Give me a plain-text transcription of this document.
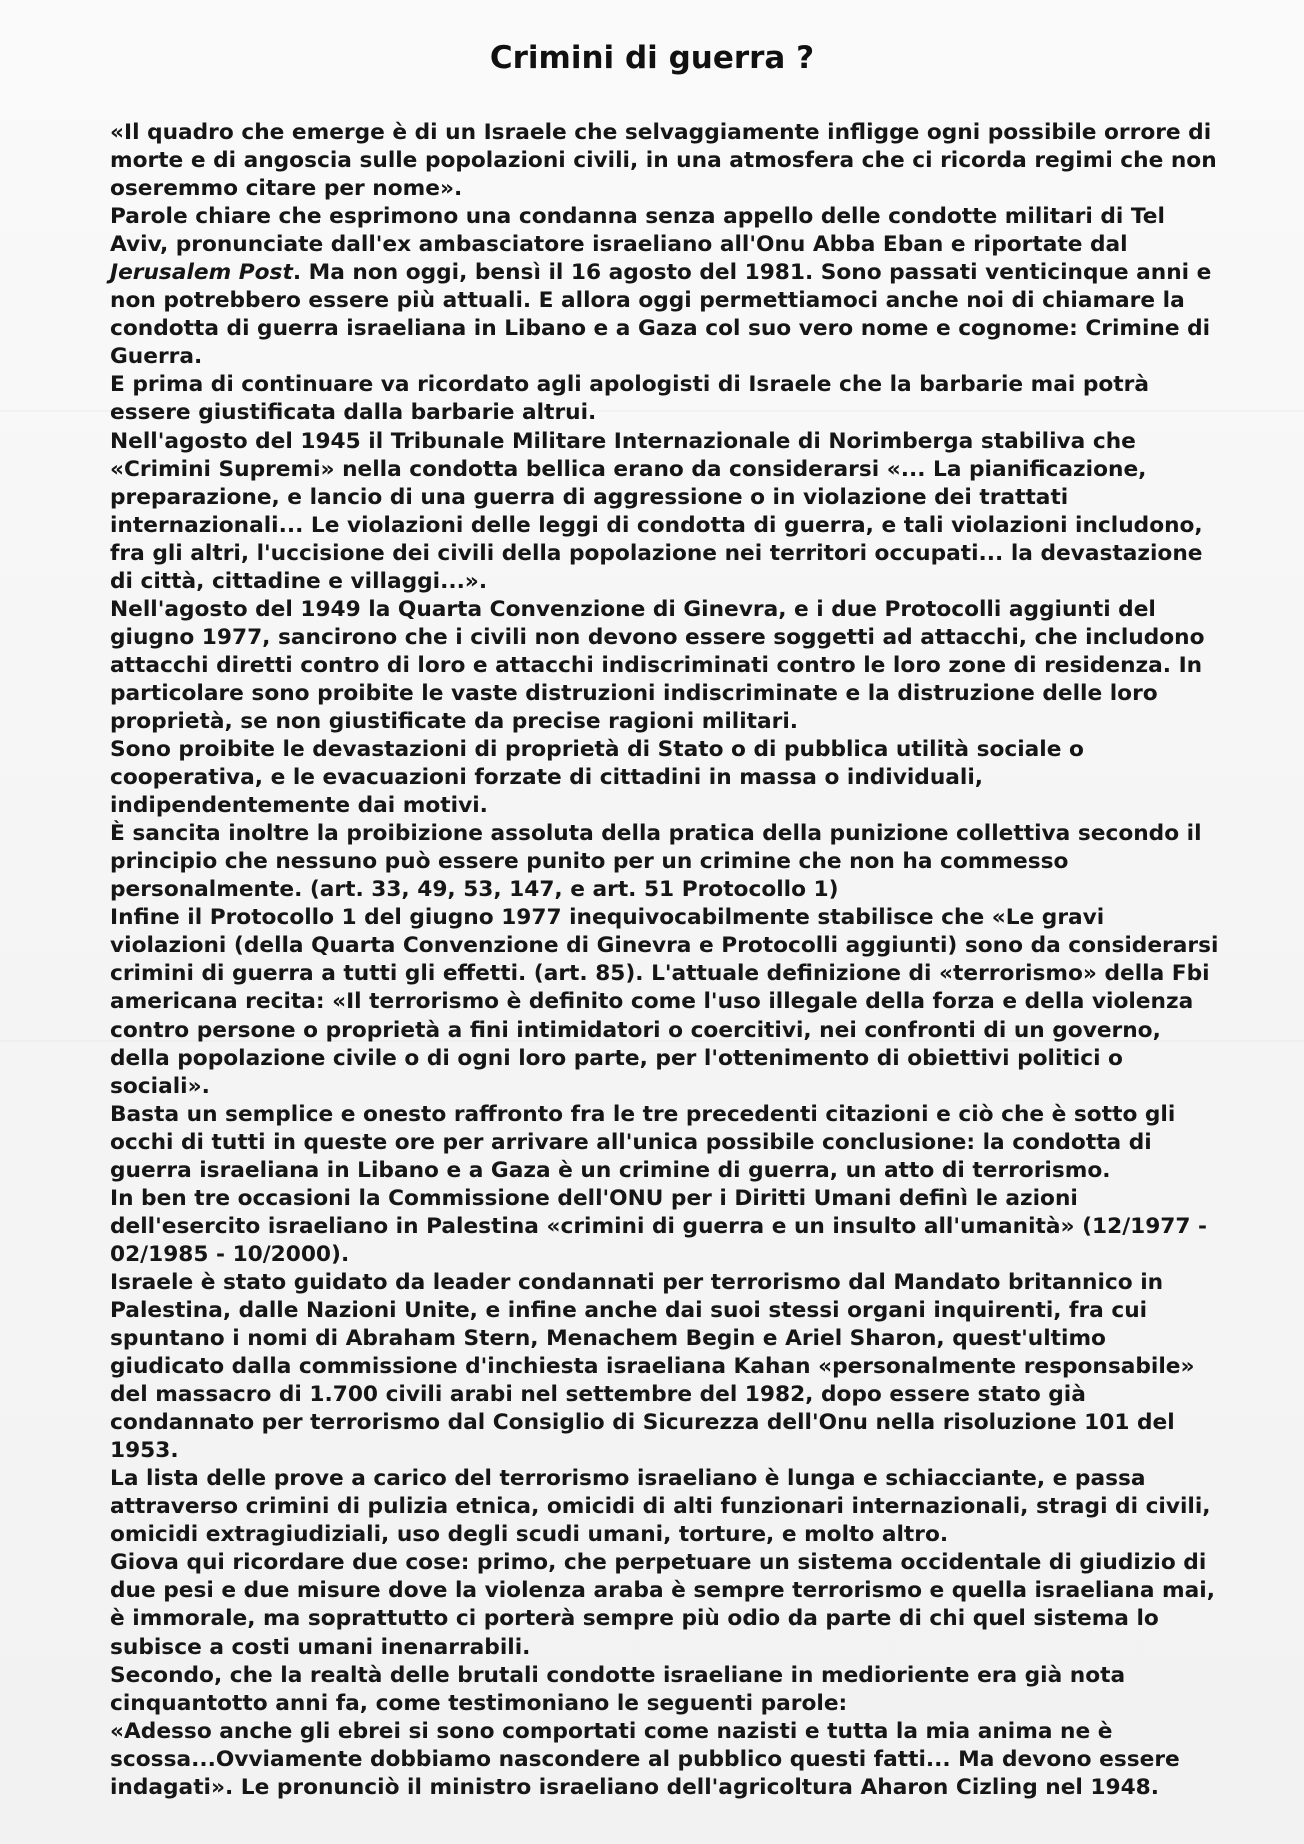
Crimini di guerra ?

«Il quadro che emerge è di un Israele che selvaggiamente infligge ogni possibile orrore di morte e di angoscia sulle popolazioni civili, in una atmosfera che ci ricorda regimi che non oseremmo citare per nome».

Parole chiare che esprimono una condanna senza appello delle condotte militari di Tel Aviv, pronunciate dall'ex ambasciatore israeliano all'Onu Abba Eban e riportate dal Jerusalem Post. Ma non oggi, bensì il 16 agosto del 1981. Sono passati venticinque anni e non potrebbero essere più attuali. E allora oggi permettiamoci anche noi di chiamare la condotta di guerra israeliana in Libano e a Gaza col suo vero nome e cognome: Crimine di Guerra.

E prima di continuare va ricordato agli apologisti di Israele che la barbarie mai potrà essere giustificata dalla barbarie altrui.

Nell'agosto del 1945 il Tribunale Militare Internazionale di Norimberga stabiliva che «Crimini Supremi» nella condotta bellica erano da considerarsi «... La pianificazione, preparazione, e lancio di una guerra di aggressione o in violazione dei trattati internazionali... Le violazioni delle leggi di condotta di guerra, e tali violazioni includono, fra gli altri, l'uccisione dei civili della popolazione nei territori occupati... la devastazione di città, cittadine e villaggi...».

Nell'agosto del 1949 la Quarta Convenzione di Ginevra, e i due Protocolli aggiunti del giugno 1977, sancirono che i civili non devono essere soggetti ad attacchi, che includono attacchi diretti contro di loro e attacchi indiscriminati contro le loro zone di residenza. In particolare sono proibite le vaste distruzioni indiscriminate e la distruzione delle loro proprietà, se non giustificate da precise ragioni militari.

Sono proibite le devastazioni di proprietà di Stato o di pubblica utilità sociale o cooperativa, e le evacuazioni forzate di cittadini in massa o individuali, indipendentemente dai motivi.

È sancita inoltre la proibizione assoluta della pratica della punizione collettiva secondo il principio che nessuno può essere punito per un crimine che non ha commesso personalmente. (art. 33, 49, 53, 147, e art. 51 Protocollo 1)

Infine il Protocollo 1 del giugno 1977 inequivocabilmente stabilisce che «Le gravi violazioni (della Quarta Convenzione di Ginevra e Protocolli aggiunti) sono da considerarsi crimini di guerra a tutti gli effetti. (art. 85). L'attuale definizione di «terrorismo» della Fbi americana recita: «Il terrorismo è definito come l'uso illegale della forza e della violenza contro persone o proprietà a fini intimidatori o coercitivi, nei confronti di un governo, della popolazione civile o di ogni loro parte, per l'ottenimento di obiettivi politici o sociali».

Basta un semplice e onesto raffronto fra le tre precedenti citazioni e ciò che è sotto gli occhi di tutti in queste ore per arrivare all'unica possibile conclusione: la condotta di guerra israeliana in Libano e a Gaza è un crimine di guerra, un atto di terrorismo.

In ben tre occasioni la Commissione dell'ONU per i Diritti Umani definì le azioni dell'esercito israeliano in Palestina «crimini di guerra e un insulto all'umanità» (12/1977 - 02/1985 - 10/2000).

Israele è stato guidato da leader condannati per terrorismo dal Mandato britannico in Palestina, dalle Nazioni Unite, e infine anche dai suoi stessi organi inquirenti, fra cui spuntano i nomi di Abraham Stern, Menachem Begin e Ariel Sharon, quest'ultimo giudicato dalla commissione d'inchiesta israeliana Kahan «personalmente responsabile» del massacro di 1.700 civili arabi nel settembre del 1982, dopo essere stato già condannato per terrorismo dal Consiglio di Sicurezza dell'Onu nella risoluzione 101 del 1953.

La lista delle prove a carico del terrorismo israeliano è lunga e schiacciante, e passa attraverso crimini di pulizia etnica, omicidi di alti funzionari internazionali, stragi di civili, omicidi extragiudiziali, uso degli scudi umani, torture, e molto altro.

Giova qui ricordare due cose: primo, che perpetuare un sistema occidentale di giudizio di due pesi e due misure dove la violenza araba è sempre terrorismo e quella israeliana mai, è immorale, ma soprattutto ci porterà sempre più odio da parte di chi quel sistema lo subisce a costi umani inenarrabili.

Secondo, che la realtà delle brutali condotte israeliane in medioriente era già nota cinquantotto anni fa, come testimoniano le seguenti parole:

«Adesso anche gli ebrei si sono comportati come nazisti e tutta la mia anima ne è scossa...Ovviamente dobbiamo nascondere al pubblico questi fatti... Ma devono essere indagati». Le pronunciò il ministro israeliano dell'agricoltura Aharon Cizling nel 1948.
